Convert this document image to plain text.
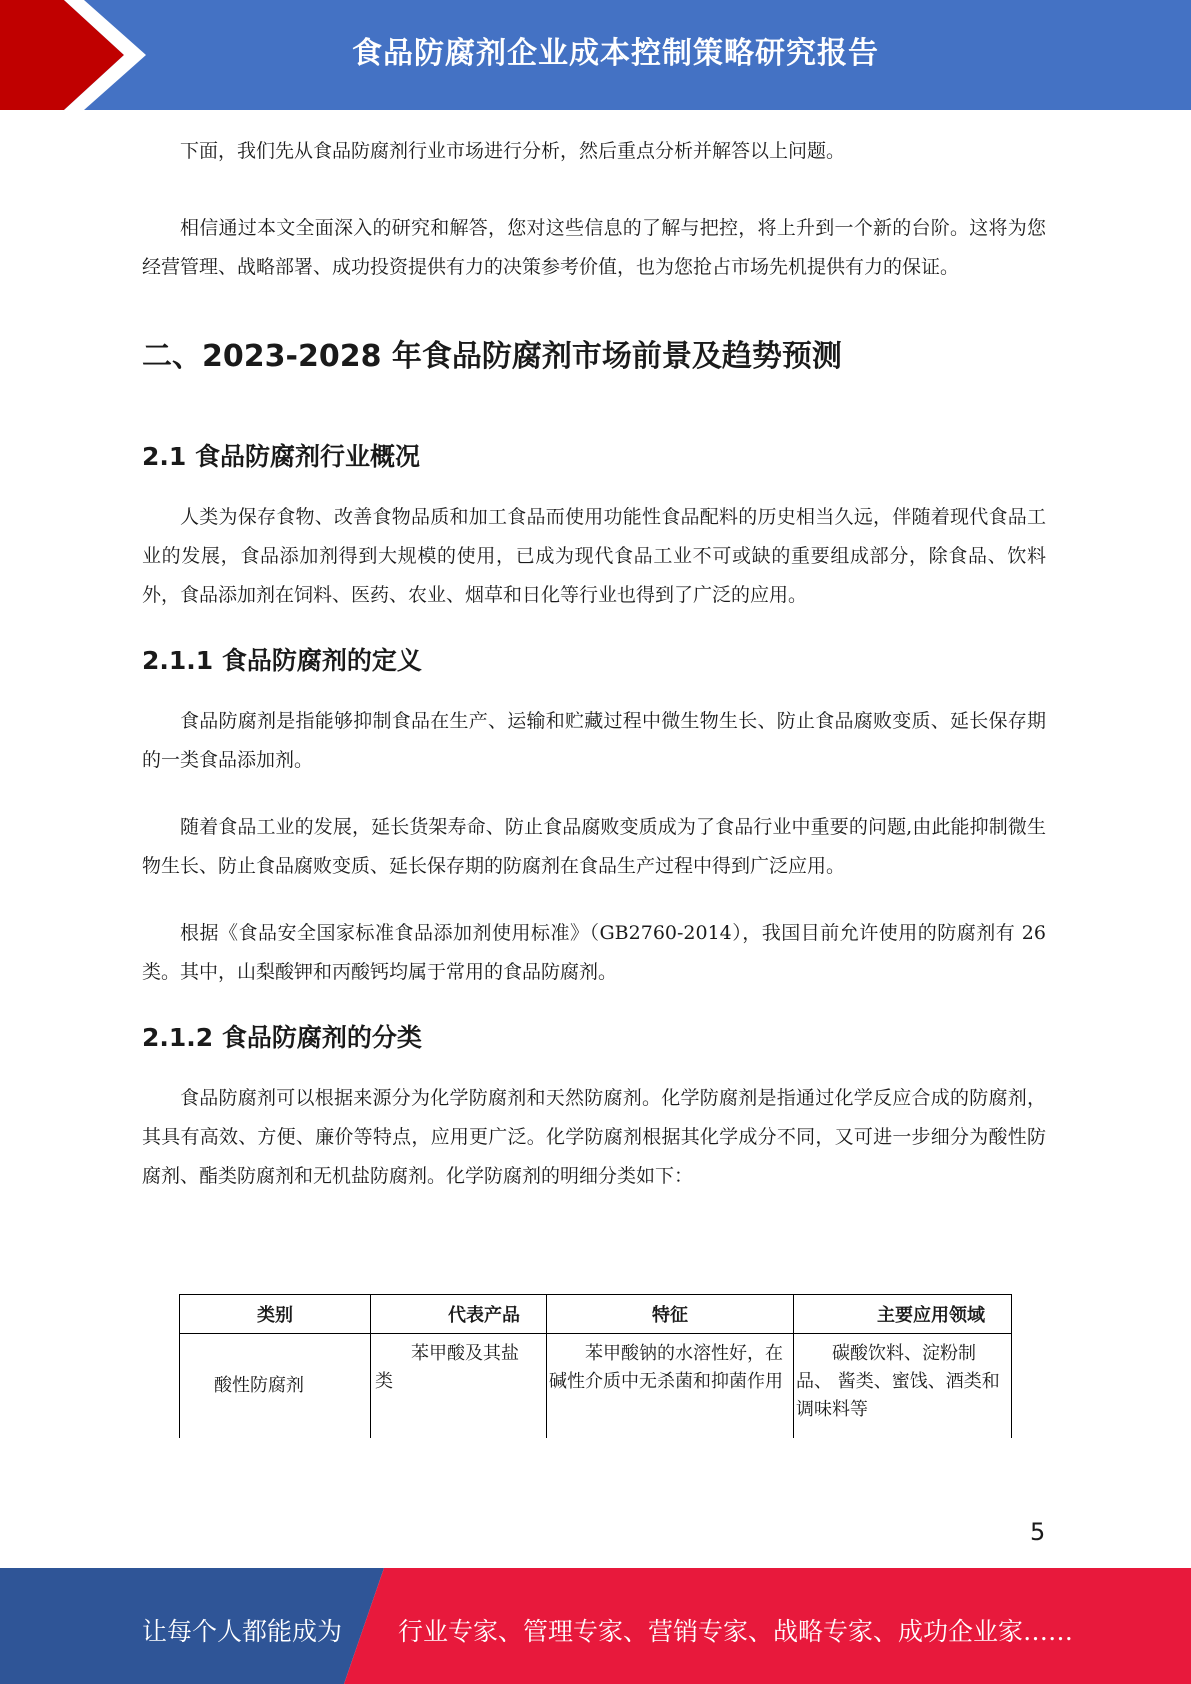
食品防腐剂企业成本控制策略研究报告

下面，我们先从食品防腐剂行业市场进行分析，然后重点分析并解答以上问题。

相信通过本文全面深入的研究和解答，您对这些信息的了解与把控，将上升到一个新的台阶。这将为您经营管理、战略部署、成功投资提供有力的决策参考价值，也为您抢占市场先机提供有力的保证。

二、2023-2028 年食品防腐剂市场前景及趋势预测
2.1 食品防腐剂行业概况

人类为保存食物、改善食物品质和加工食品而使用功能性食品配料的历史相当久远，伴随着现代食品工业的发展，食品添加剂得到大规模的使用，已成为现代食品工业不可或缺的重要组成部分，除食品、饮料外，食品添加剂在饲料、医药、农业、烟草和日化等行业也得到了广泛的应用。

2.1.1 食品防腐剂的定义

食品防腐剂是指能够抑制食品在生产、运输和贮藏过程中微生物生长、防止食品腐败变质、延长保存期的一类食品添加剂。

随着食品工业的发展，延长货架寿命、防止食品腐败变质成为了食品行业中重要的问题,由此能抑制微生物生长、防止食品腐败变质、延长保存期的防腐剂在食品生产过程中得到广泛应用。

根据《食品安全国家标准食品添加剂使用标准》（GB2760-2014），我国目前允许使用的防腐剂有 26 类。其中，山梨酸钾和丙酸钙均属于常用的食品防腐剂。

2.1.2 食品防腐剂的分类

食品防腐剂可以根据来源分为化学防腐剂和天然防腐剂。化学防腐剂是指通过化学反应合成的防腐剂，其具有高效、方便、廉价等特点，应用更广泛。化学防腐剂根据其化学成分不同，又可进一步细分为酸性防腐剂、酯类防腐剂和无机盐防腐剂。化学防腐剂的明细分类如下：

类别	代表产品	特征	主要应用领域
酸性防腐剂	苯甲酸及其盐类	苯甲酸钠的水溶性好，在 碱性介质中无杀菌和抑菌作用	碳酸饮料、淀粉制品、 酱类、蜜饯、酒类和 调味料等
5
让每个人都能成为 行业专家、管理专家、营销专家、战略专家、成功企业家……
